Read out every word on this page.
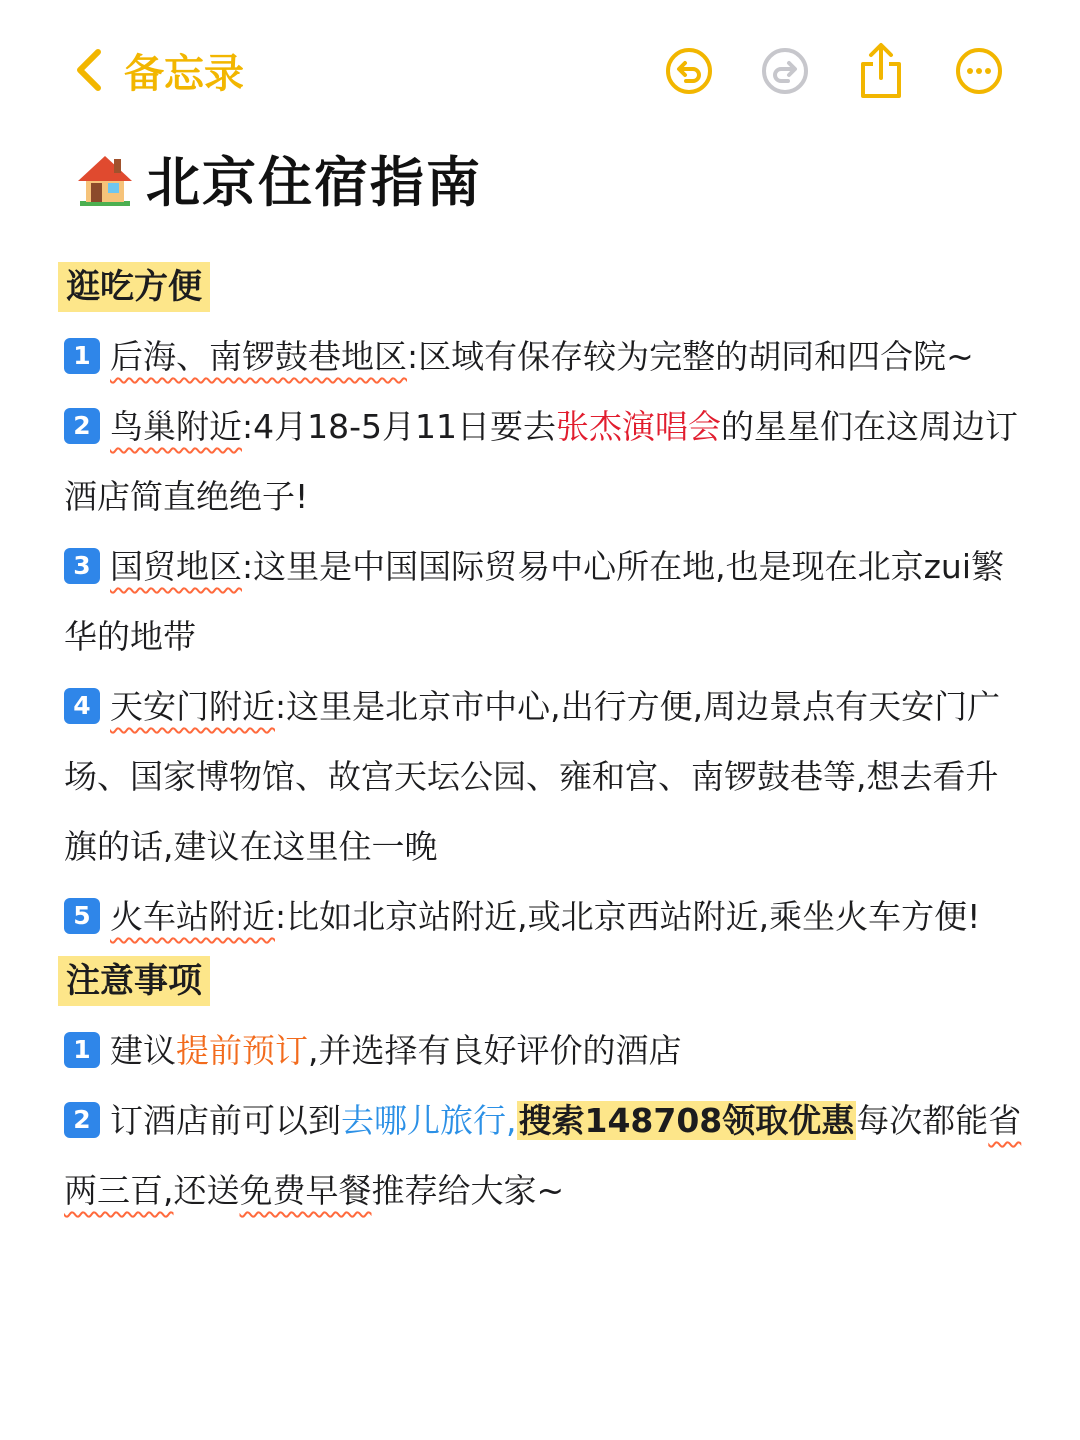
备忘录
北京住宿指南
逛吃方便

1 后海、南锣鼓巷地区:区域有保存较为完整的胡同和四合院~

2 鸟巢附近:4月18-5月11日要去张杰演唱会的星星们在这周边订酒店简直绝绝子!

3 国贸地区:这里是中国国际贸易中心所在地,也是现在北京zui繁华的地带

4 天安门附近:这里是北京市中心,出行方便,周边景点有天安门广场、国家博物馆、故宫天坛公园、雍和宫、南锣鼓巷等,想去看升旗的话,建议在这里住一晚

5 火车站附近:比如北京站附近,或北京西站附近,乘坐火车方便!

注意事项

1 建议提前预订,并选择有良好评价的酒店

2 订酒店前可以到去哪儿旅行,搜索148708领取优惠每次都能省两三百,还送免费早餐推荐给大家~
